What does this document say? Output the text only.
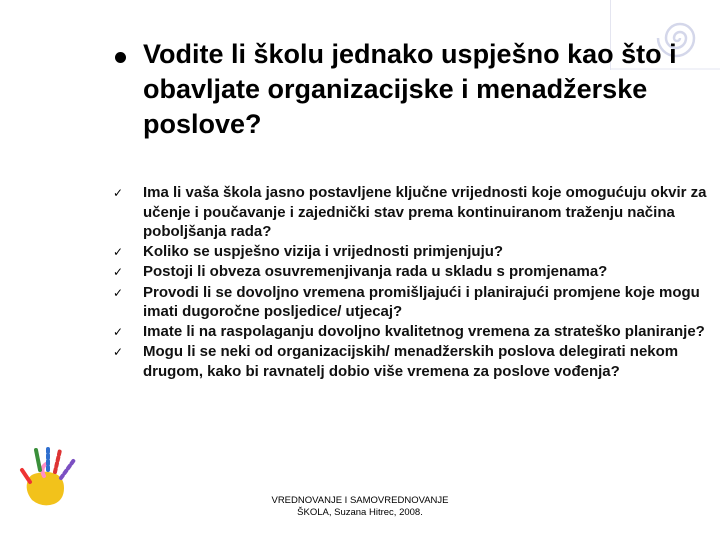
Vodite li školu jednako uspješno kao što i obavljate organizacijske i menadžerske poslove?
✓	Ima li vaša škola jasno postavljene ključne vrijednosti koje omogućuju okvir za učenje i poučavanje i zajednički stav prema kontinuiranom traženju načina poboljšanja rada?
✓	Koliko se uspješno vizija i vrijednosti primjenjuju?
✓	Postoji li obveza osuvremenjivanja rada u skladu s promjenama?
✓	Provodi li se dovoljno vremena promišljajući i planirajući promjene koje mogu imati dugoročne posljedice/ utjecaj?
✓	Imate li na raspolaganju dovoljno kvalitetnog vremena za strateško planiranje?
✓	Mogu li se neki od organizacijskih/ menadžerskih poslova delegirati nekom drugom, kako bi ravnatelj dobio više vremena za poslove vođenja?
VREDNOVANJE I SAMOVREDNOVANJE
ŠKOLA, Suzana Hitrec, 2008.
